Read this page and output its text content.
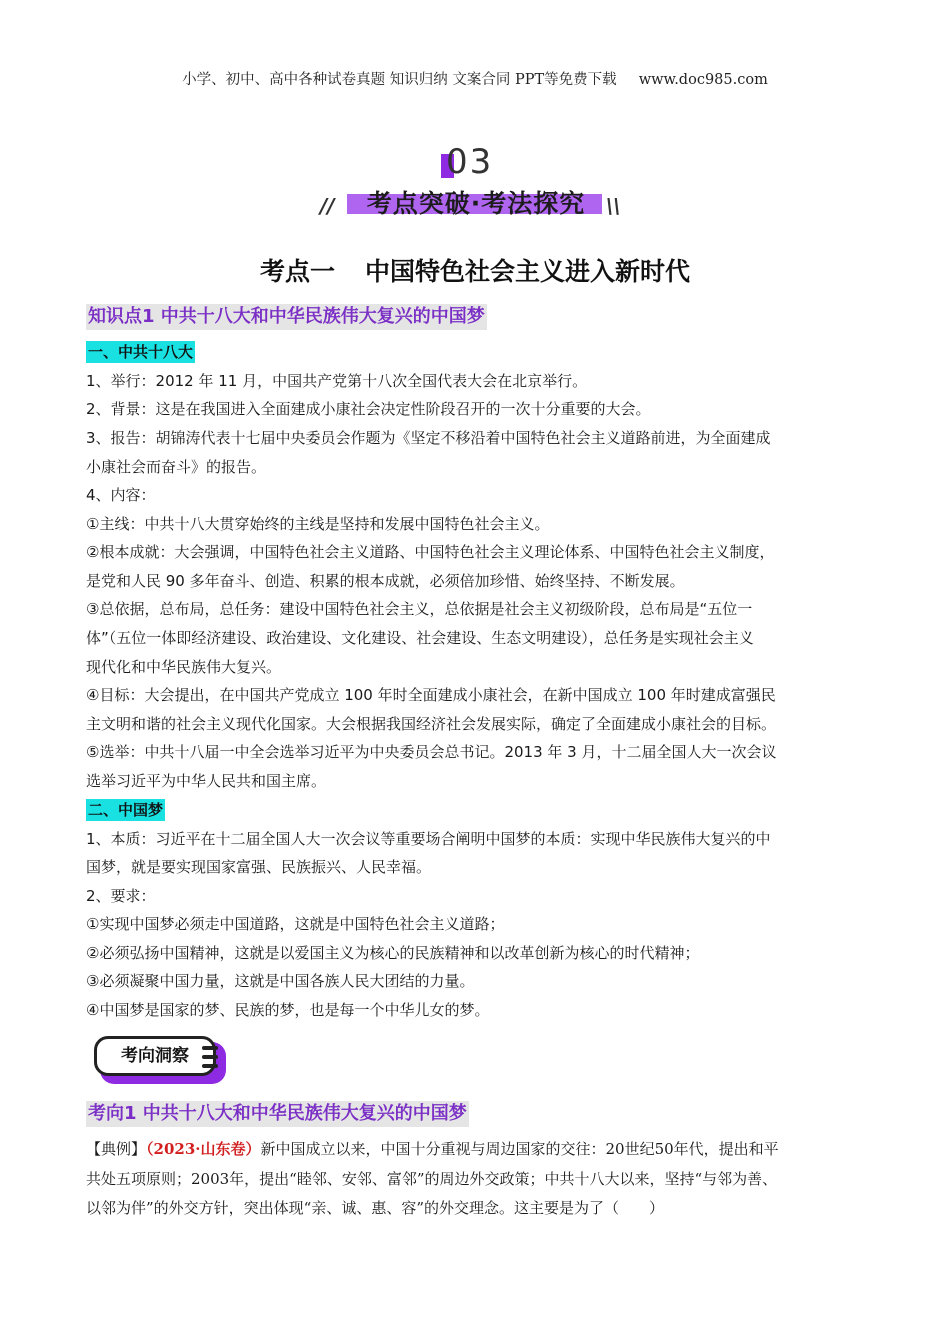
小学、初中、高中各种试卷真题 知识归纳 文案合同 PPT等免费下载 www.doc985.com
03
//	考点突破·考法探究	\\
考点一 中国特色社会主义进入新时代
知识点1 中共十八大和中华民族伟大复兴的中国梦
一、中共十八大
1、举行：2012 年 11 月，中国共产党第十八次全国代表大会在北京举行。
2、背景：这是在我国进入全面建成小康社会决定性阶段召开的一次十分重要的大会。
3、报告：胡锦涛代表十七届中央委员会作题为《坚定不移沿着中国特色社会主义道路前进，为全面建成
小康社会而奋斗》的报告。
4、内容：
①主线：中共十八大贯穿始终的主线是坚持和发展中国特色社会主义。
②根本成就：大会强调，中国特色社会主义道路、中国特色社会主义理论体系、中国特色社会主义制度，
是党和人民 90 多年奋斗、创造、积累的根本成就，必须倍加珍惜、始终坚持、不断发展。
③总依据，总布局，总任务：建设中国特色社会主义，总依据是社会主义初级阶段，总布局是“五位一
体”（五位一体即经济建设、政治建设、文化建设、社会建设、生态文明建设），总任务是实现社会主义
现代化和中华民族伟大复兴。
④目标：大会提出，在中国共产党成立 100 年时全面建成小康社会，在新中国成立 100 年时建成富强民
主文明和谐的社会主义现代化国家。大会根据我国经济社会发展实际，确定了全面建成小康社会的目标。
⑤选举：中共十八届一中全会选举习近平为中央委员会总书记。2013 年 3 月，十二届全国人大一次会议
选举习近平为中华人民共和国主席。
二、中国梦
1、本质：习近平在十二届全国人大一次会议等重要场合阐明中国梦的本质：实现中华民族伟大复兴的中
国梦，就是要实现国家富强、民族振兴、人民幸福。
2、要求：
①实现中国梦必须走中国道路，这就是中国特色社会主义道路；
②必须弘扬中国精神，这就是以爱国主义为核心的民族精神和以改革创新为核心的时代精神；
③必须凝聚中国力量，这就是中国各族人民大团结的力量。
④中国梦是国家的梦、民族的梦，也是每一个中华儿女的梦。
考向洞察
考向1 中共十八大和中华民族伟大复兴的中国梦
【典例】（2023·山东卷）新中国成立以来，中国十分重视与周边国家的交往：20世纪50年代，提出和平
共处五项原则；2003年，提出“睦邻、安邻、富邻”的周边外交政策；中共十八大以来，坚持“与邻为善、
以邻为伴”的外交方针，突出体现“亲、诚、惠、容”的外交理念。这主要是为了（　　）
